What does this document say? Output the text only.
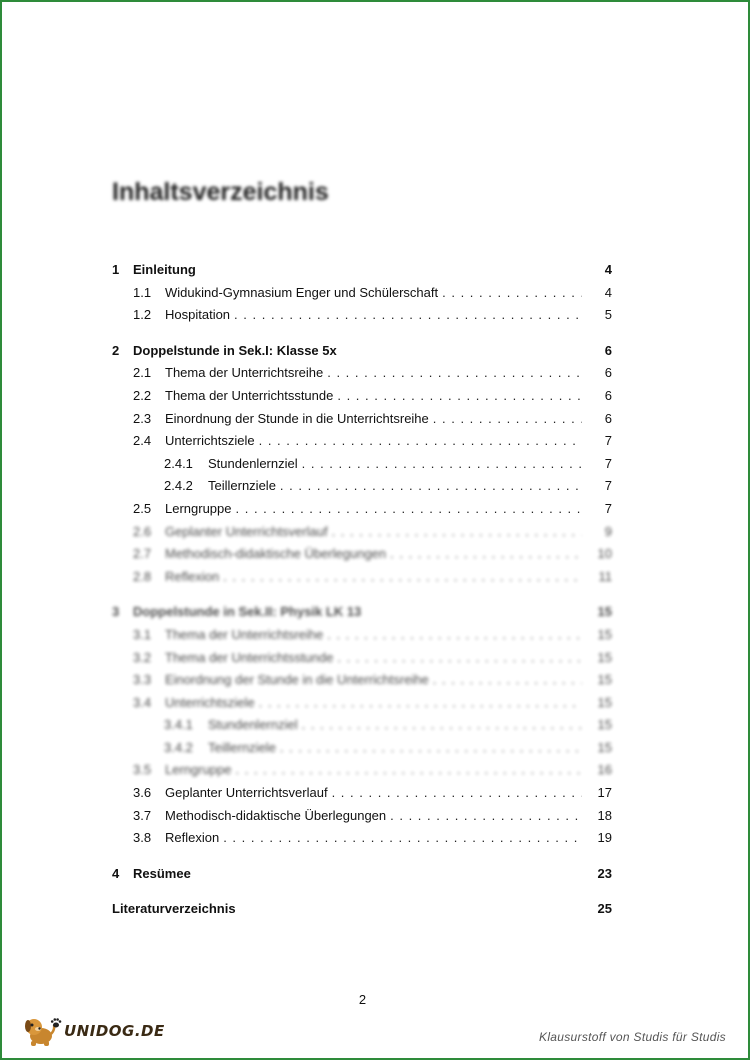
Inhaltsverzeichnis
1	Einleitung	4
1.1	Widukind-Gymnasium Enger und Schülerschaft . . .	4
1.2	Hospitation . . .	5
2	Doppelstunde in Sek.I: Klasse 5x	6
2.1	Thema der Unterrichtsreihe . . .	6
2.2	Thema der Unterrichtsstunde . . .	6
2.3	Einordnung der Stunde in die Unterrichtsreihe . . .	6
2.4	Unterrichtsziele . . .	7
2.4.1	Stundenlernziel . . .	7
2.4.2	Teillernziele . . .	7
2.5	Lerngruppe . . .	7
2.6	Geplanter Unterrichtsverlauf . . .	9
2.7	Methodisch-didaktische Überlegungen . . .	10
2.8	Reflexion . . .	11
3	Doppelstunde in Sek.II: Physik LK 13	15
3.1	Thema der Unterrichtsreihe . . .	15
3.2	Thema der Unterrichtsstunde . . .	15
3.3	Einordnung der Stunde in die Unterrichtsreihe . . .	15
3.4	Unterrichtsziele . . .	15
3.4.1	Stundenlernziel . . .	15
3.4.2	Teillernziele . . .	15
3.5	Lerngruppe . . .	16
3.6	Geplanter Unterrichtsverlauf . . .	17
3.7	Methodisch-didaktische Überlegungen . . .	18
3.8	Reflexion . . .	19
4	Resümee	23
Literaturverzeichnis	25
2
UNIDOG.DE	Klausurstoff von Studis für Studis
